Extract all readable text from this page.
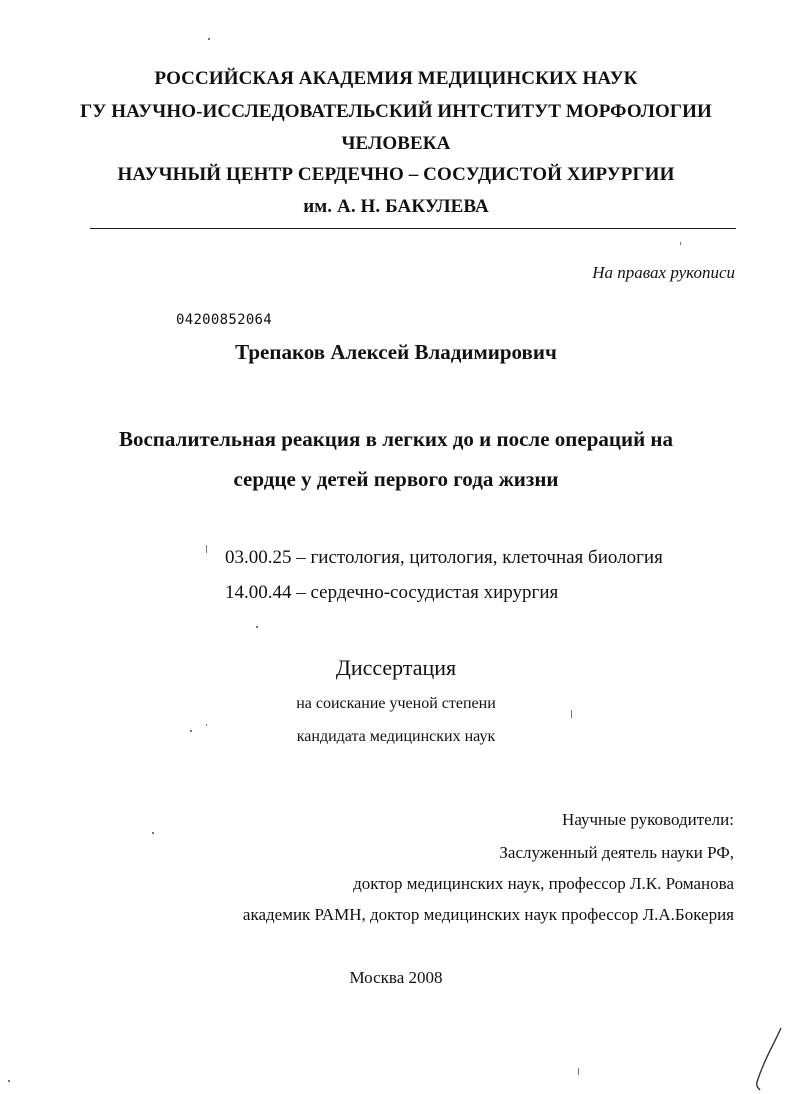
РОССИЙСКАЯ АКАДЕМИЯ МЕДИЦИНСКИХ НАУК
ГУ НАУЧНО-ИССЛЕДОВАТЕЛЬСКИЙ ИНТСТИТУТ МОРФОЛОГИИ
ЧЕЛОВЕКА
НАУЧНЫЙ ЦЕНТР СЕРДЕЧНО – СОСУДИСТОЙ ХИРУРГИИ
им. А. Н. БАКУЛЕВА
На правах рукописи
04200852064
Трепаков Алексей Владимирович
Воспалительная реакция в легких до и после операций на
сердце у детей первого года жизни
03.00.25 – гистология, цитология, клеточная биология
14.00.44 – сердечно-сосудистая хирургия
Диссертация
на соискание ученой степени
кандидата медицинских наук
Научные руководители:
Заслуженный деятель науки РФ,
доктор медицинских наук, профессор Л.К. Романова
академик РАМН, доктор медицинских наук профессор Л.А.Бокерия
Москва 2008
